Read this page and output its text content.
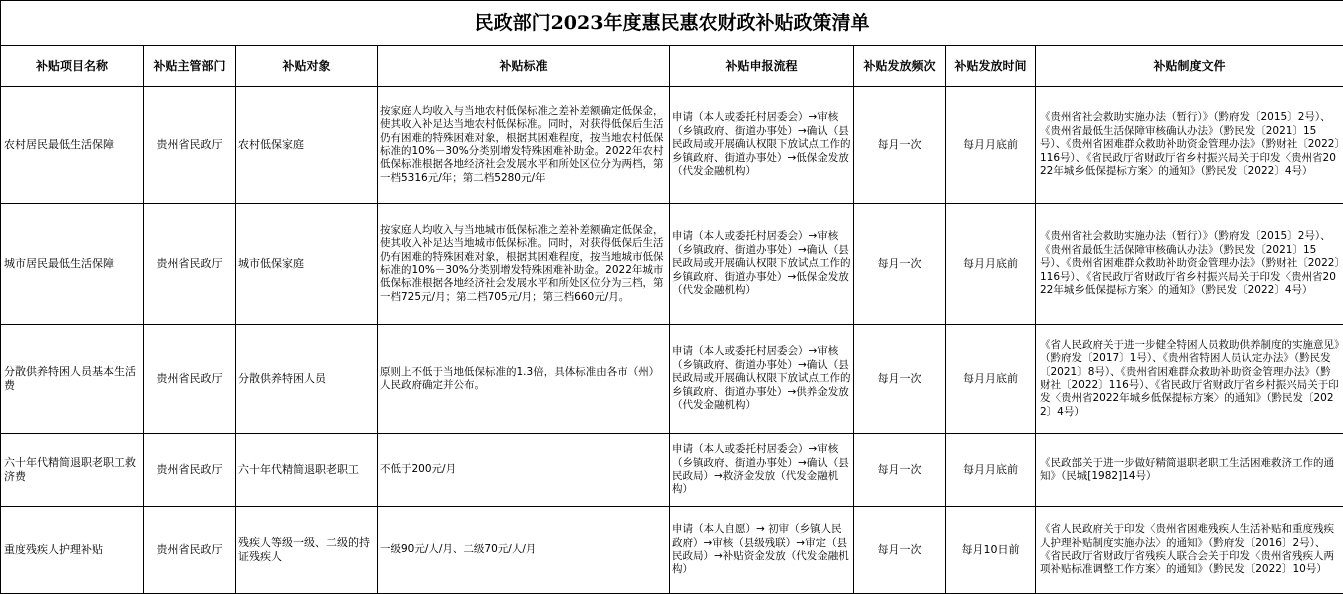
民政部门2023年度惠民惠农财政补贴政策清单							
补贴项目名称	补贴主管部门	补贴对象	补贴标准	补贴申报流程	补贴发放频次	补贴发放时间	补贴制度文件
农村居民最低生活保障	贵州省民政厅	农村低保家庭	按家庭人均收入与当地农村低保标准之差补差额确定低保金，使其收入补足达当地农村低保标准。同时，对获得低保后生活仍有困难的特殊困难对象，根据其困难程度，按当地农村低保标准的10%－30%分类别增发特殊困难补助金。2022年农村低保标准根据各地经济社会发展水平和所处区位分为两档，第一档5316元/年；第二档5280元/年	申请（本人或委托村居委会）→审核（乡镇政府、街道办事处）→确认（县民政局或开展确认权限下放试点工作的乡镇政府、街道办事处）→低保金发放（代发金融机构）	每月一次	每月月底前	《贵州省社会救助实施办法（暂行）》（黔府发〔2015〕2号）、《贵州省最低生活保障审核确认办法》（黔民发〔2021〕15号）、《贵州省困难群众救助补助资金管理办法》（黔财社〔2022〕116号）、《省民政厅省财政厅省乡村振兴局关于印发〈贵州省2022年城乡低保提标方案〉的通知》（黔民发〔2022〕4号）
城市居民最低生活保障	贵州省民政厅	城市低保家庭	按家庭人均收入与当地城市低保标准之差补差额确定低保金，使其收入补足达当地城市低保标准。同时，对获得低保后生活仍有困难的特殊困难对象，根据其困难程度，按当地城市低保标准的10%－30%分类别增发特殊困难补助金。2022年城市低保标准根据各地经济社会发展水平和所处区位分为三档，第一档725元/月；第二档705元/月；第三档660元/月。	申请（本人或委托村居委会）→审核（乡镇政府、街道办事处）→确认（县民政局或开展确认权限下放试点工作的乡镇政府、街道办事处）→低保金发放（代发金融机构）	每月一次	每月月底前	《贵州省社会救助实施办法（暂行）》（黔府发〔2015〕2号）、《贵州省最低生活保障审核确认办法》（黔民发〔2021〕15号）、《贵州省困难群众救助补助资金管理办法》（黔财社〔2022〕116号）、《省民政厅省财政厅省乡村振兴局关于印发〈贵州省2022年城乡低保提标方案〉的通知》（黔民发〔2022〕4号）
分散供养特困人员基本生活费	贵州省民政厅	分散供养特困人员	原则上不低于当地低保标准的1.3倍，具体标准由各市（州）人民政府确定并公布。	申请（本人或委托村居委会）→审核（乡镇政府、街道办事处）→确认（县民政局或开展确认权限下放试点工作的乡镇政府、街道办事处）→供养金发放（代发金融机构）	每月一次	每月月底前	《省人民政府关于进一步健全特困人员救助供养制度的实施意见》（黔府发〔2017〕1号）、《贵州省特困人员认定办法》（黔民发〔2021〕8号）、《贵州省困难群众救助补助资金管理办法》（黔财社〔2022〕116号）、《省民政厅省财政厅省乡村振兴局关于印发〈贵州省2022年城乡低保提标方案〉的通知》（黔民发〔2022〕4号）
六十年代精简退职老职工救济费	贵州省民政厅	六十年代精简退职老职工	不低于200元/月	申请（本人或委托村居委会）→审核（乡镇政府、街道办事处）→确认（县民政局）→救济金发放（代发金融机构）	每月一次	每月月底前	《民政部关于进一步做好精简退职老职工生活困难救济工作的通知》（民城[1982]14号）
重度残疾人护理补贴	贵州省民政厅	残疾人等级一级、二级的持证残疾人	一级90元/人/月、二级70元/人/月	申请（本人自愿）→ 初审（乡镇人民政府）→审核（县级残联）→审定（县民政局）→补贴资金发放（代发金融机构）	每月一次	每月10日前	《省人民政府关于印发〈贵州省困难残疾人生活补贴和重度残疾人护理补贴制度实施办法〉的通知》（黔府发〔2016〕2号）、《省民政厅省财政厅省残疾人联合会关于印发〈贵州省残疾人两项补贴标准调整工作方案〉的通知》（黔民发〔2022〕10号）
